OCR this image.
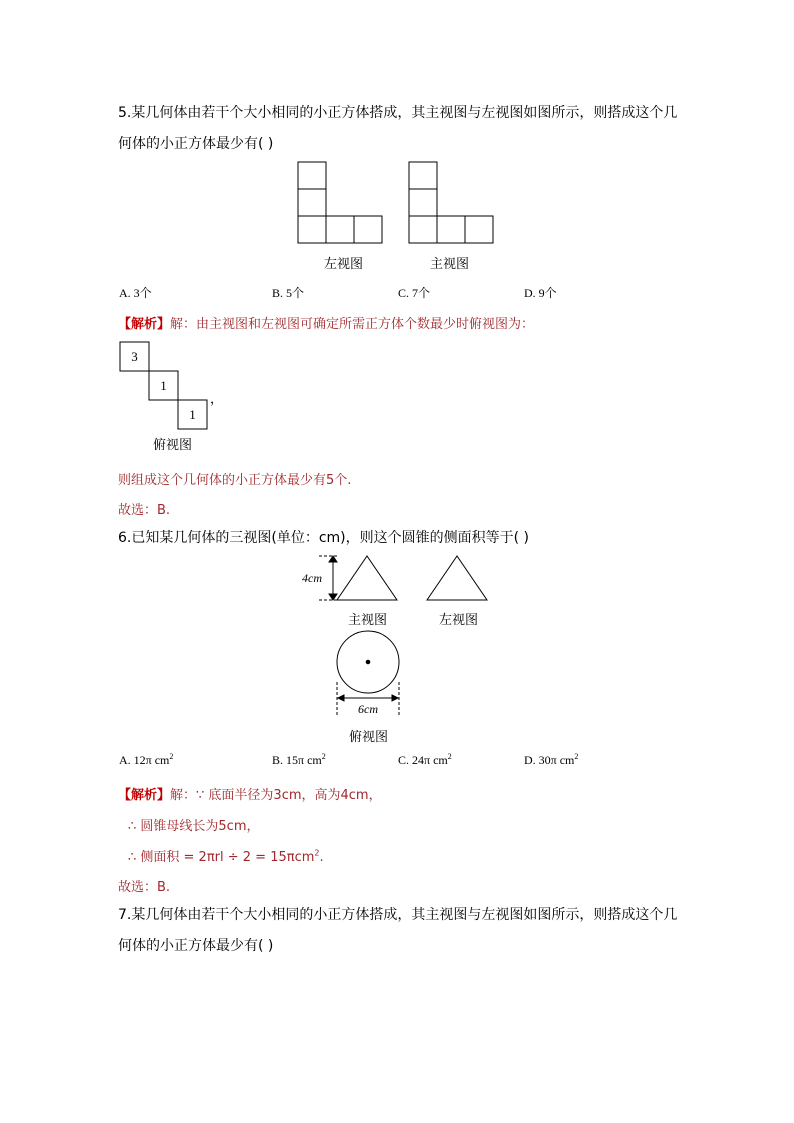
5.某几何体由若干个大小相同的小正方体搭成，其主视图与左视图如图所示，则搭成这个几
何体的小正方体最少有( )
左视图	主视图
A. 3个	B. 5个	C. 7个	D. 9个
【解析】解：由主视图和左视图可确定所需正方体个数最少时俯视图为：
3
1
1
，
俯视图
则组成这个几何体的小正方体最少有5个.
故选：B.
6.已知某几何体的三视图(单位：cm)，则这个圆锥的侧面积等于( )
4cm
主视图	左视图
6cm
俯视图
A. 12π $cm^2$	B. 15π $cm^2$	C. 24π $cm^2$	D. 30π $cm^2$
【解析】解：∵ 底面半径为3cm，高为4cm，
∴ 圆锥母线长为5cm，
∴ 侧面积 = 2πrl ÷ 2 = 15πcm$^2$.
故选：B.
7.某几何体由若干个大小相同的小正方体搭成，其主视图与左视图如图所示，则搭成这个几
何体的小正方体最少有( )
